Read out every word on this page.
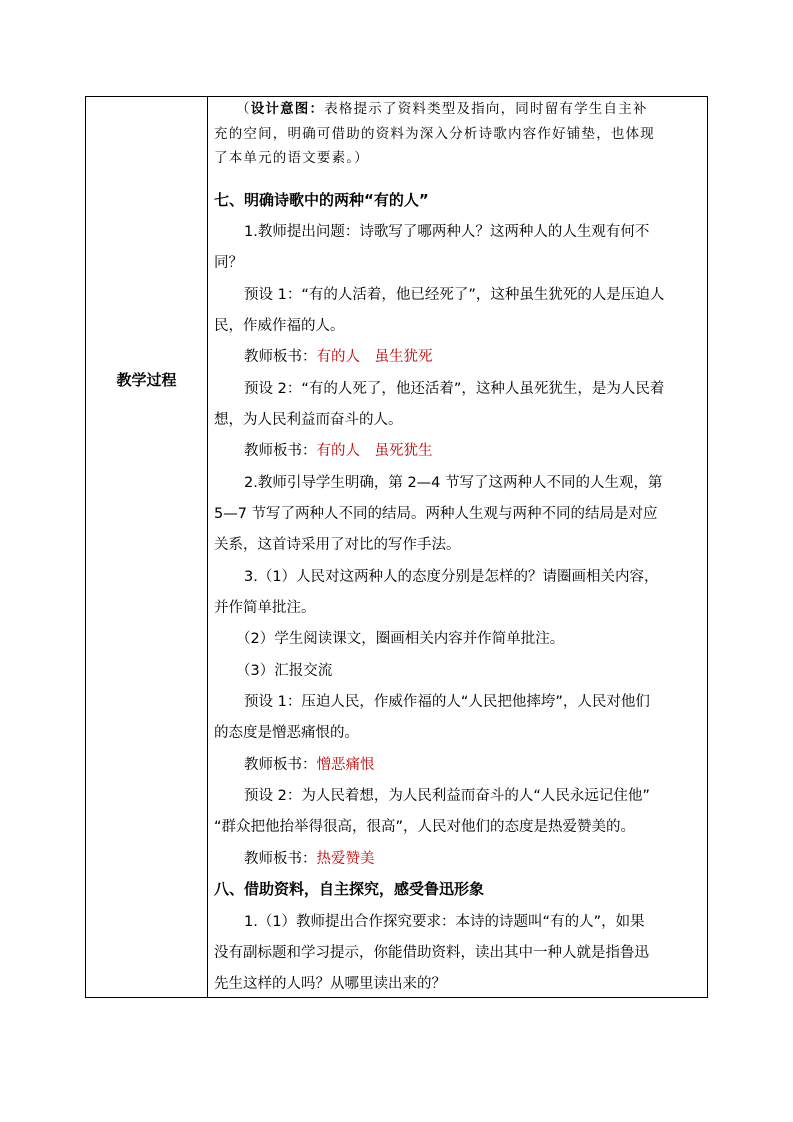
教学过程
（设计意图：表格提示了资料类型及指向，同时留有学生自主补
充的空间，明确可借助的资料为深入分析诗歌内容作好铺垫，也体现
了本单元的语文要素。）
七、明确诗歌中的两种“有的人”
1.教师提出问题：诗歌写了哪两种人？这两种人的人生观有何不
同？
预设 1：“有的人活着，他已经死了”，这种虽生犹死的人是压迫人
民，作威作福的人。
教师板书：有的人　虽生犹死
预设 2：“有的人死了，他还活着”，这种人虽死犹生，是为人民着
想，为人民利益而奋斗的人。
教师板书：有的人　虽死犹生
2.教师引导学生明确，第 2—4 节写了这两种人不同的人生观，第
5—7 节写了两种人不同的结局。两种人生观与两种不同的结局是对应
关系，这首诗采用了对比的写作手法。
3.（1）人民对这两种人的态度分别是怎样的？请圈画相关内容，
并作简单批注。
（2）学生阅读课文，圈画相关内容并作简单批注。
（3）汇报交流
预设 1：压迫人民，作威作福的人“人民把他摔垮”，人民对他们
的态度是憎恶痛恨的。
教师板书：憎恶痛恨
预设 2：为人民着想，为人民利益而奋斗的人“人民永远记住他”
“群众把他抬举得很高，很高”，人民对他们的态度是热爱赞美的。
教师板书：热爱赞美
八、借助资料，自主探究，感受鲁迅形象
1.（1）教师提出合作探究要求：本诗的诗题叫“有的人”，如果
没有副标题和学习提示，你能借助资料，读出其中一种人就是指鲁迅
先生这样的人吗？从哪里读出来的？
